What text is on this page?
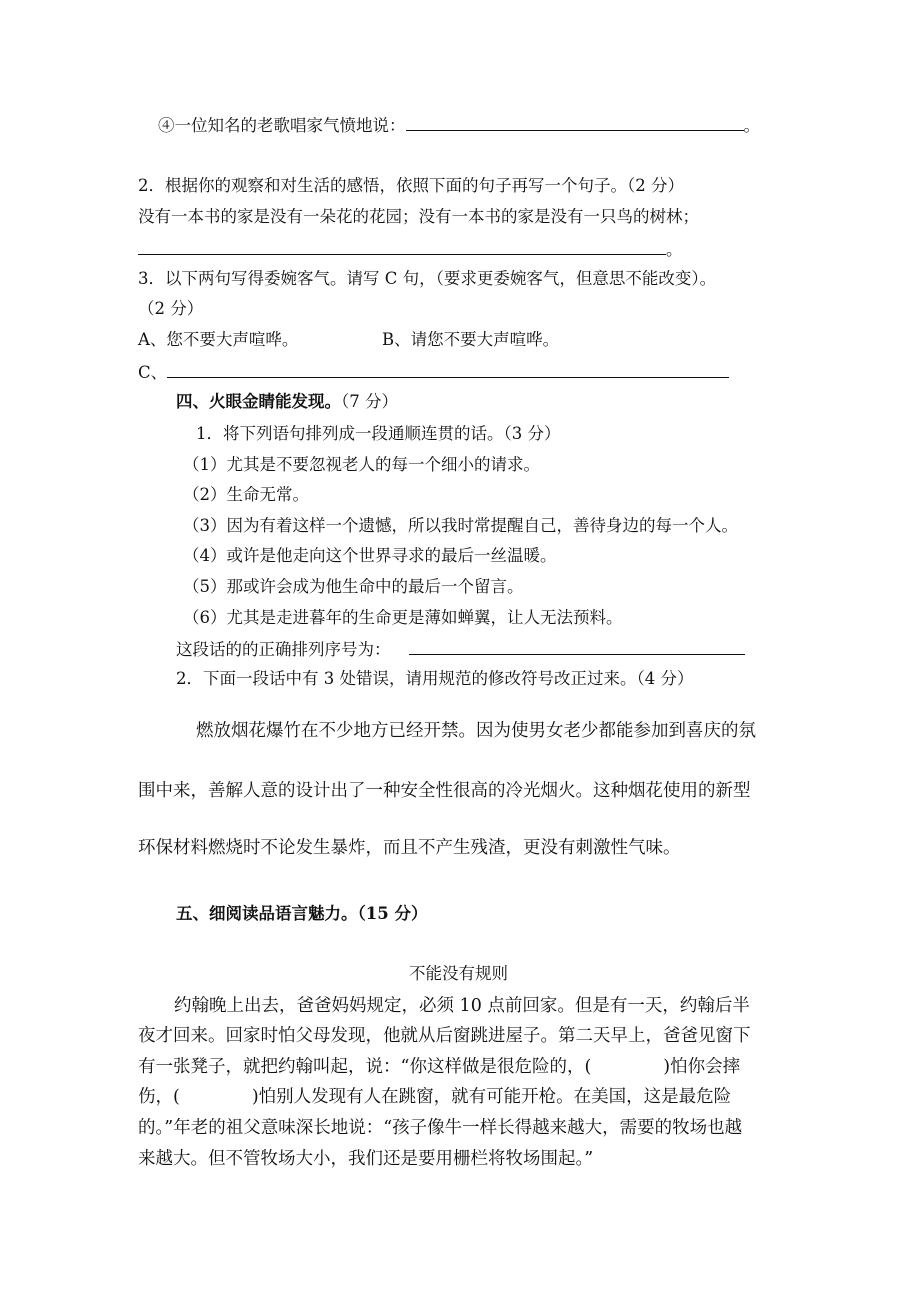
④一位知名的老歌唱家气愤地说：	。
2．根据你的观察和对生活的感悟，依照下面的句子再写一个句子。（2 分）
没有一本书的家是没有一朵花的花园；没有一本书的家是没有一只鸟的树林；
。
3．以下两句写得委婉客气。请写 C 句，（要求更委婉客气，但意思不能改变）。
（2 分）
A、您不要大声喧哗。	B、请您不要大声喧哗。
C、
四、火眼金睛能发现。（7 分）
1．将下列语句排列成一段通顺连贯的话。（3 分）
（1）尤其是不要忽视老人的每一个细小的请求。
（2）生命无常。
（3）因为有着这样一个遗憾，所以我时常提醒自己，善待身边的每一个人。
（4）或许是他走向这个世界寻求的最后一丝温暖。
（5）那或许会成为他生命中的最后一个留言。
（6）尤其是走进暮年的生命更是薄如蝉翼，让人无法预料。
这段话的的正确排列序号为：
2．下面一段话中有 3 处错误，请用规范的修改符号改正过来。（4 分）
燃放烟花爆竹在不少地方已经开禁。因为使男女老少都能参加到喜庆的氛
围中来，善解人意的设计出了一种安全性很高的冷光烟火。这种烟花使用的新型
环保材料燃烧时不论发生暴炸，而且不产生残渣，更没有刺激性气味。
五、细阅读品语言魅力。（15 分）
不能没有规则
约翰晚上出去，爸爸妈妈规定，必须 10 点前回家。但是有一天，约翰后半
夜才回来。回家时怕父母发现，他就从后窗跳进屋子。第二天早上，爸爸见窗下
有一张凳子，就把约翰叫起，说：“你这样做是很危险的，(	)怕你会摔
伤，(	)怕别人发现有人在跳窗，就有可能开枪。在美国，这是最危险
的。”年老的祖父意味深长地说：“孩子像牛一样长得越来越大，需要的牧场也越
来越大。但不管牧场大小，我们还是要用栅栏将牧场围起。”
